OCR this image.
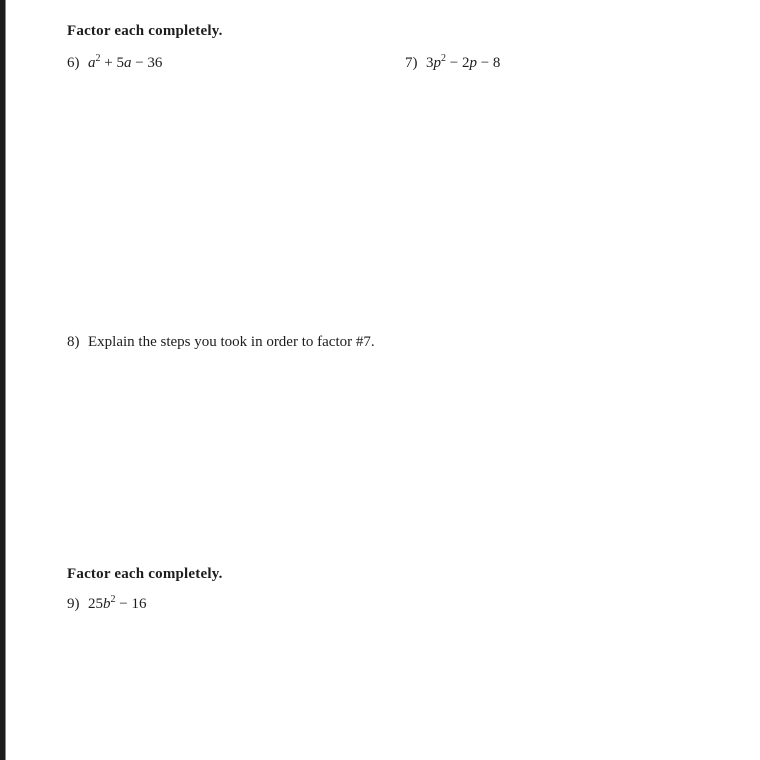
Factor each completely.
6) $a^2 + 5a - 36$	7) $3p^2 - 2p - 8$
8) Explain the steps you took in order to factor #7.
Factor each completely.
9) $25b^2 - 16$
